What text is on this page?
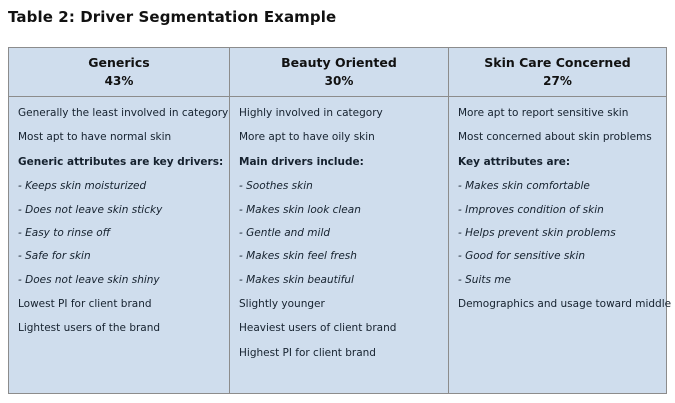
Table 2: Driver Segmentation Example
Generics
43%
Beauty Oriented
30%
Skin Care Concerned
27%
Generally the least involved in category
Most apt to have normal skin
Generic attributes are key drivers:
- Keeps skin moisturized
- Does not leave skin sticky
- Easy to rinse off
- Safe for skin
- Does not leave skin shiny
Lowest PI for client brand
Lightest users of the brand
Highly involved in category
More apt to have oily skin
Main drivers include:
- Soothes skin
- Makes skin look clean
- Gentle and mild
- Makes skin feel fresh
- Makes skin beautiful
Slightly younger
Heaviest users of client brand
Highest PI for client brand
More apt to report sensitive skin
Most concerned about skin problems
Key attributes are:
- Makes skin comfortable
- Improves condition of skin
- Helps prevent skin problems
- Good for sensitive skin
- Suits me
Demographics and usage toward middle
